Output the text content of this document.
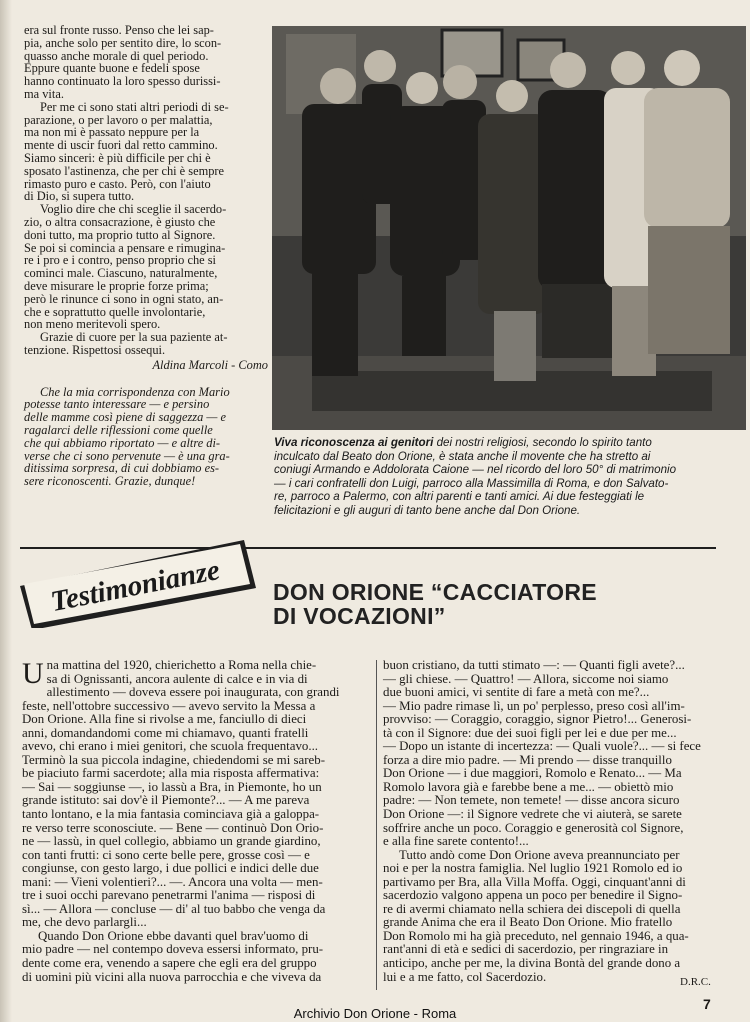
era sul fronte russo. Penso che lei sap-
pia, anche solo per sentito dire, lo scon-
quasso anche morale di quel periodo.
Eppure quante buone e fedeli spose
hanno continuato la loro spesso durissi-
ma vita.
Per me ci sono stati altri periodi di se-
parazione, o per lavoro o per malattia,
ma non mi è passato neppure per la
mente di uscir fuori dal retto cammino.
Siamo sinceri: è più difficile per chi è
sposato l'astinenza, che per chi è sempre
rimasto puro e casto. Però, con l'aiuto
di Dio, si supera tutto.
Voglio dire che chi sceglie il sacerdo-
zio, o altra consacrazione, è giusto che
doni tutto, ma proprio tutto al Signore.
Se poi si comincia a pensare e rimugina-
re i pro e i contro, penso proprio che si
cominci male. Ciascuno, naturalmente,
deve misurare le proprie forze prima;
però le rinunce ci sono in ogni stato, an-
che e soprattutto quelle involontarie,
non meno meritevoli spero.
Grazie di cuore per la sua paziente at-
tenzione. Rispettosi ossequi.
Aldina Marcoli - Como
Che la mia corrispondenza con Mario
potesse tanto interessare — e persino
delle mamme così piene di saggezza — e
ragalarci delle riflessioni come quelle
che qui abbiamo riportato — e altre di-
verse che ci sono pervenute — è una gra-
ditissima sorpresa, di cui dobbiamo es-
sere riconoscenti. Grazie, dunque!
Viva riconoscenza ai genitori dei nostri religiosi, secondo lo spirito tanto
inculcato dal Beato don Orione, è stata anche il movente che ha stretto ai
coniugi Armando e Addolorata Caione — nel ricordo del loro 50° di matrimonio
— i cari confratelli don Luigi, parroco alla Massimilla di Roma, e don Salvato-
re, parroco a Palermo, con altri parenti e tanti amici. Ai due festeggiati le
felicitazioni e gli auguri di tanto bene anche dal Don Orione.
Testimonianze DON ORIONE “CACCIATORE
DI VOCAZIONI”
U na mattina del 1920, chierichetto a Roma nella chie-
sa di Ognissanti, ancora aulente di calce e in via di
allestimento — doveva essere poi inaugurata, con grandi
feste, nell'ottobre successivo — avevo servito la Messa a
Don Orione. Alla fine si rivolse a me, fanciullo di dieci
anni, domandandomi come mi chiamavo, quanti fratelli
avevo, chi erano i miei genitori, che scuola frequentavo...
Terminò la sua piccola indagine, chiedendomi se mi sareb-
be piaciuto farmi sacerdote; alla mia risposta affermativa:
— Sai — soggiunse —, io lassù a Bra, in Piemonte, ho un
grande istituto: sai dov'è il Piemonte?... — A me pareva
tanto lontano, e la mia fantasia cominciava già a galoppa-
re verso terre sconosciute. — Bene — continuò Don Orio-
ne — lassù, in quel collegio, abbiamo un grande giardino,
con tanti frutti: ci sono certe belle pere, grosse così — e
congiunse, con gesto largo, i due pollici e indici delle due
mani: — Vieni volentieri?... —. Ancora una volta — men-
tre i suoi occhi parevano penetrarmi l'anima — risposi di
sì... — Allora — concluse — di' al tuo babbo che venga da
me, che devo parlargli...
Quando Don Orione ebbe davanti quel brav'uomo di
mio padre — nel contempo doveva essersi informato, pru-
dente come era, venendo a sapere che egli era del gruppo
di uomini più vicini alla nuova parrocchia e che viveva da
buon cristiano, da tutti stimato —: — Quanti figli avete?...
— gli chiese. — Quattro! — Allora, siccome noi siamo
due buoni amici, vi sentite di fare a metà con me?...
— Mio padre rimase lì, un po' perplesso, preso così all'im-
provviso: — Coraggio, coraggio, signor Pietro!... Generosi-
tà con il Signore: due dei suoi figli per lei e due per me...
— Dopo un istante di incertezza: — Quali vuole?... — si fece
forza a dire mio padre. — Mi prendo — disse tranquillo
Don Orione — i due maggiori, Romolo e Renato... — Ma
Romolo lavora già e farebbe bene a me... — obiettò mio
padre: — Non temete, non temete! — disse ancora sicuro
Don Orione —: il Signore vedrete che vi aiuterà, se sarete
soffrire anche un poco. Coraggio e generosità col Signore,
e alla fine sarete contento!...
Tutto andò come Don Orione aveva preannunciato per
noi e per la nostra famiglia. Nel luglio 1921 Romolo ed io
partivamo per Bra, alla Villa Moffa. Oggi, cinquant'anni di
sacerdozio valgono appena un poco per benedire il Signo-
re di avermi chiamato nella schiera dei discepoli di quella
grande Anima che era il Beato Don Orione. Mio fratello
Don Romolo mi ha già preceduto, nel gennaio 1946, a qua-
rant'anni di età e sedici di sacerdozio, per ringraziare in
anticipo, anche per me, la divina Bontà del grande dono a
lui e a me fatto, col Sacerdozio.	D.R.C.
7
Archivio Don Orione - Roma
